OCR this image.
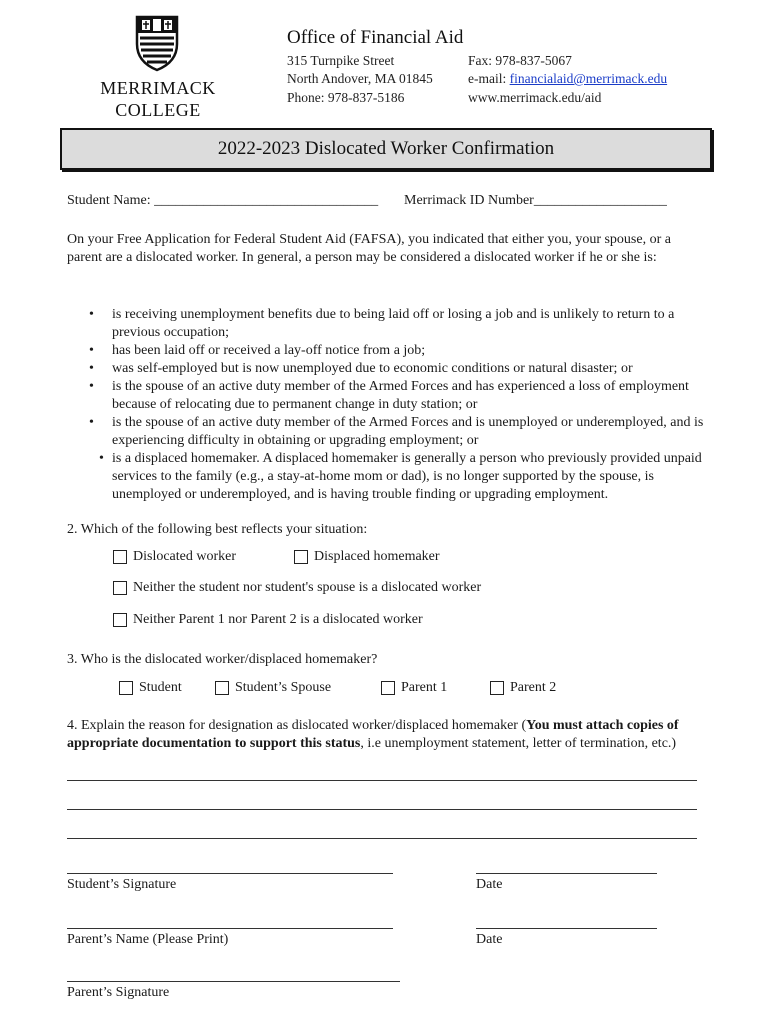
MERRIMACK
COLLEGE
Office of Financial Aid
315 Turnpike Street
North Andover, MA 01845
Phone: 978-837-5186
Fax: 978-837-5067
e-mail: financialaid@merrimack.edu
www.merrimack.edu/aid
2022-2023 Dislocated Worker Confirmation
Student Name: ________________________________ Merrimack ID Number___________________
On your Free Application for Federal Student Aid (FAFSA), you indicated that either you, your spouse, or a parent are a dislocated worker. In general, a person may be considered a dislocated worker if he or she is:
• is receiving unemployment benefits due to being laid off or losing a job and is unlikely to return to a previous occupation;
• has been laid off or received a lay-off notice from a job;
• was self-employed but is now unemployed due to economic conditions or natural disaster; or
• is the spouse of an active duty member of the Armed Forces and has experienced a loss of employment because of relocating due to permanent change in duty station; or
• is the spouse of an active duty member of the Armed Forces and is unemployed or underemployed, and is experiencing difficulty in obtaining or upgrading employment; or
• is a displaced homemaker. A displaced homemaker is generally a person who previously provided unpaid services to the family (e.g., a stay-at-home mom or dad), is no longer supported by the spouse, is unemployed or underemployed, and is having trouble finding or upgrading employment.
2. Which of the following best reflects your situation:
Dislocated worker	Displaced homemaker
Neither the student nor student's spouse is a dislocated worker
Neither Parent 1 nor Parent 2 is a dislocated worker
3. Who is the dislocated worker/displaced homemaker?
Student	Student’s Spouse	Parent 1	Parent 2
4. Explain the reason for designation as dislocated worker/displaced homemaker (You must attach copies of appropriate documentation to support this status, i.e unemployment statement, letter of termination, etc.)
Student’s Signature	Date
Parent’s Name (Please Print)	Date
Parent’s Signature
